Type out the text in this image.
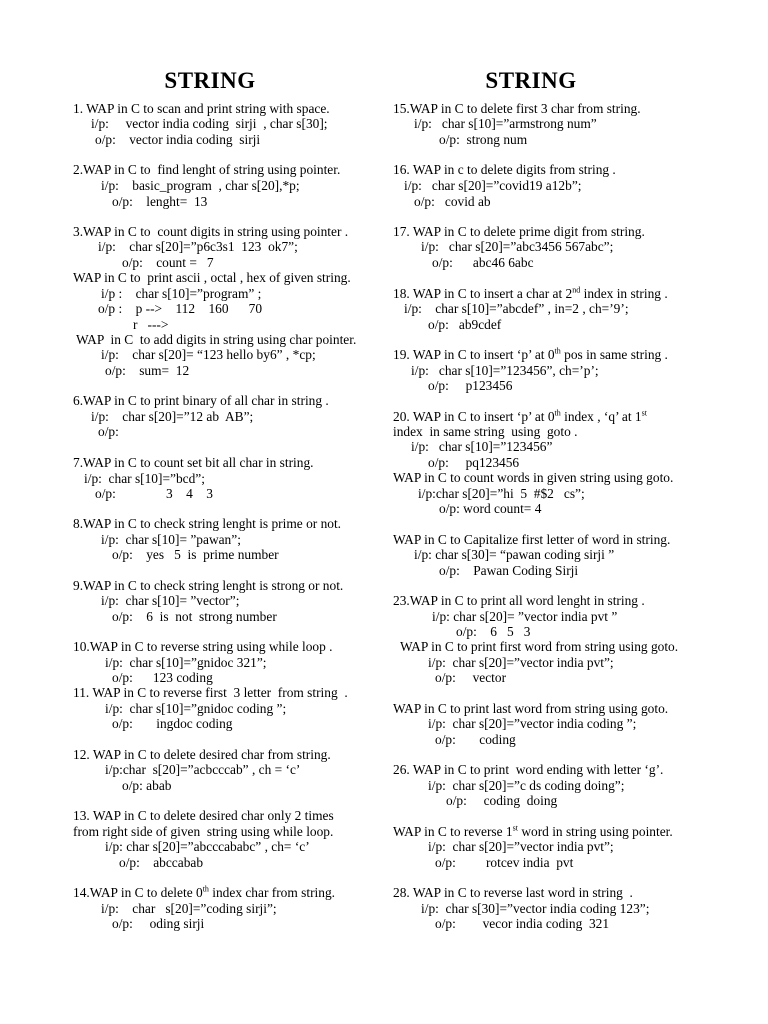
STRING	STRING

1. WAP in C to scan and print string with space.

i/p:     vector india coding  sirji  , char s[30];

o/p:    vector india coding  sirji

2.WAP in C to  find lenght of string using pointer.

i/p:    basic_program  , char s[20],*p;

o/p:    lenght=  13

3.WAP in C to  count digits in string using pointer .

i/p:    char s[20]=”p6c3s1  123  ok7”;

o/p:    count =   7

WAP in C to  print ascii , octal , hex of given string.

i/p :    char s[10]=”program” ;

o/p :    p -->    112    160      70

r   --->

WAP  in C  to add digits in string using char pointer.

i/p:    char s[20]= “123 hello by6” , *cp;

o/p:    sum=  12

6.WAP in C to print binary of all char in string .

i/p:    char s[20]=”12 ab  AB”;

o/p:

7.WAP in C to count set bit all char in string.

i/p:  char s[10]=”bcd”;

o/p:               3    4    3

8.WAP in C to check string lenght is prime or not.

i/p:  char s[10]= ”pawan”;

o/p:    yes   5  is  prime number

9.WAP in C to check string lenght is strong or not.

i/p:  char s[10]= ”vector”;

o/p:    6  is  not  strong number

10.WAP in C to reverse string using while loop .

i/p:  char s[10]=”gnidoc 321”;

o/p:      123 coding

11. WAP in C to reverse first  3 letter  from string  .

i/p:  char s[10]=”gnidoc coding ”;

o/p:       ingdoc coding

12. WAP in C to delete desired char from string.

i/p:char  s[20]=”acbcccab” , ch = ‘c’

o/p: abab

13. WAP in C to delete desired char only 2 times

from right side of given  string using while loop.

i/p: char s[20]=”abcccababc” , ch= ‘c’

o/p:    abccabab

14.WAP in C to delete 0th index char from string.

i/p:    char   s[20]=”coding sirji”;

o/p:     oding sirji

15.WAP in C to delete first 3 char from string.

i/p:   char s[10]=”armstrong num”

o/p:  strong num

16. WAP in c to delete digits from string .

i/p:   char s[20]=”covid19 a12b”;

o/p:   covid ab

17. WAP in C to delete prime digit from string.

i/p:   char s[20]=”abc3456 567abc”;

o/p:      abc46 6abc

18. WAP in C to insert a char at 2nd index in string .

i/p:    char s[10]=”abcdef” , in=2 , ch=’9’;

o/p:   ab9cdef

19. WAP in C to insert ‘p’ at 0th pos in same string .

i/p:   char s[10]=”123456”, ch=’p’;

o/p:     p123456

20. WAP in C to insert ‘p’ at 0th index , ‘q’ at 1st

index  in same string  using  goto .

i/p:   char s[10]=”123456”

o/p:     pq123456

WAP in C to count words in given string using goto.

i/p:char s[20]=”hi  5  #$2   cs”;

o/p: word count= 4

WAP in C to Capitalize first letter of word in string.

i/p: char s[30]= “pawan coding sirji ”

o/p:    Pawan Coding Sirji

23.WAP in C to print all word lenght in string .

i/p: char s[20]= ”vector india pvt ”

o/p:    6   5   3

WAP in C to print first word from string using goto.

i/p:  char s[20]=”vector india pvt”;

o/p:     vector

WAP in C to print last word from string using goto.

i/p:  char s[20]=”vector india coding ”;

o/p:       coding

26. WAP in C to print  word ending with letter ‘g’.

i/p:  char s[20]=”c ds coding doing”;

o/p:     coding  doing

WAP in C to reverse 1st word in string using pointer.

i/p:  char s[20]=”vector india pvt”;

o/p:         rotcev india  pvt

28. WAP in C to reverse last word in string  .

i/p:  char s[30]=”vector india coding 123”;

o/p:        vecor india coding  321
